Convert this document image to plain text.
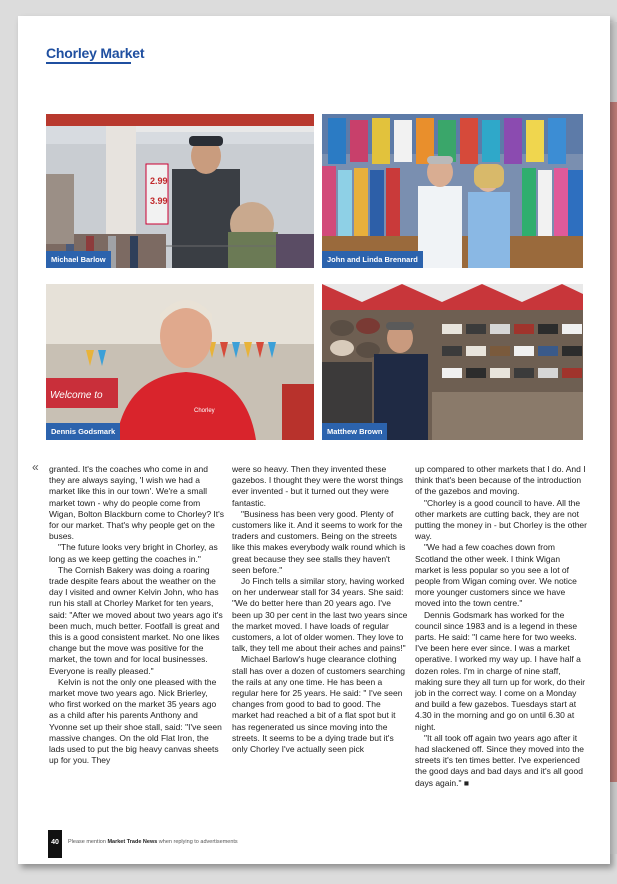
Chorley Market
2.99
3.99
Michael Barlow	John and Linda Brennard
Welcome to
Chorley
Dennis Godsmark	Matthew Brown
« granted. It's the coaches who come in and they are always saying, 'I wish we had a market like this in our town'. We're a small market town - why do people come from Wigan, Bolton Blackburn come to Chorley? It's for our market. That's why people get on the buses.

"The future looks very bright in Chorley, as long as we keep getting the coaches in."

The Cornish Bakery was doing a roaring trade despite fears about the weather on the day I visited and owner Kelvin John, who has run his stall at Chorley Market for ten years, said: "After we moved about two years ago it's been much, much better. Footfall is great and this is a good consistent market. No one likes change but the move was positive for the market, the town and for local businesses. Everyone is really pleased."

Kelvin is not the only one pleased with the market move two years ago. Nick Brierley, who first worked on the market 35 years ago as a child after his parents Anthony and Yvonne set up their shoe stall, said: "I've seen massive changes. On the old Flat Iron, the lads used to put the big heavy canvas sheets up for you. They

were so heavy. Then they invented these gazebos. I thought they were the worst things ever invented - but it turned out they were fantastic.

"Business has been very good. Plenty of customers like it. And it seems to work for the traders and customers. Being on the streets like this makes everybody walk round which is great because they see stalls they haven't seen before."

Jo Finch tells a similar story, having worked on her underwear stall for 34 years. She said: "We do better here than 20 years ago. I've been up 30 per cent in the last two years since the market moved. I have loads of regular customers, a lot of older women. They love to talk, they tell me about their aches and pains!"

Michael Barlow's huge clearance clothing stall has over a dozen of customers searching the rails at any one time. He has been a regular here for 25 years. He said: " I've seen changes from good to bad to good. The market had reached a bit of a flat spot but it has regenerated us since moving into the streets. It seems to be a dying trade but it's only Chorley I've actually seen pick

up compared to other markets that I do. And I think that's been because of the introduction of the gazebos and moving.

"Chorley is a good council to have. All the other markets are cutting back, they are not putting the money in - but Chorley is the other way.

"We had a few coaches down from Scotland the other week. I think Wigan market is less popular so you see a lot of people from Wigan coming over. We notice more younger customers since we have moved into the town centre."

Dennis Godsmark has worked for the council since 1983 and is a legend in these parts. He said: "I came here for two weeks. I've been here ever since. I was a market operative. I worked my way up. I have half a dozen roles. I'm in charge of nine staff, making sure they all turn up for work, do their job in the correct way. I come on a Monday and build a few gazebos. Tuesdays start at 4.30 in the morning and go on until 6.30 at night.

"It all took off again two years ago after it had slackened off. Since they moved into the streets it's ten times better. I've experienced the good days and bad days and it's all good days again." ■

40	Please mention Market Trade News when replying to advertisements
